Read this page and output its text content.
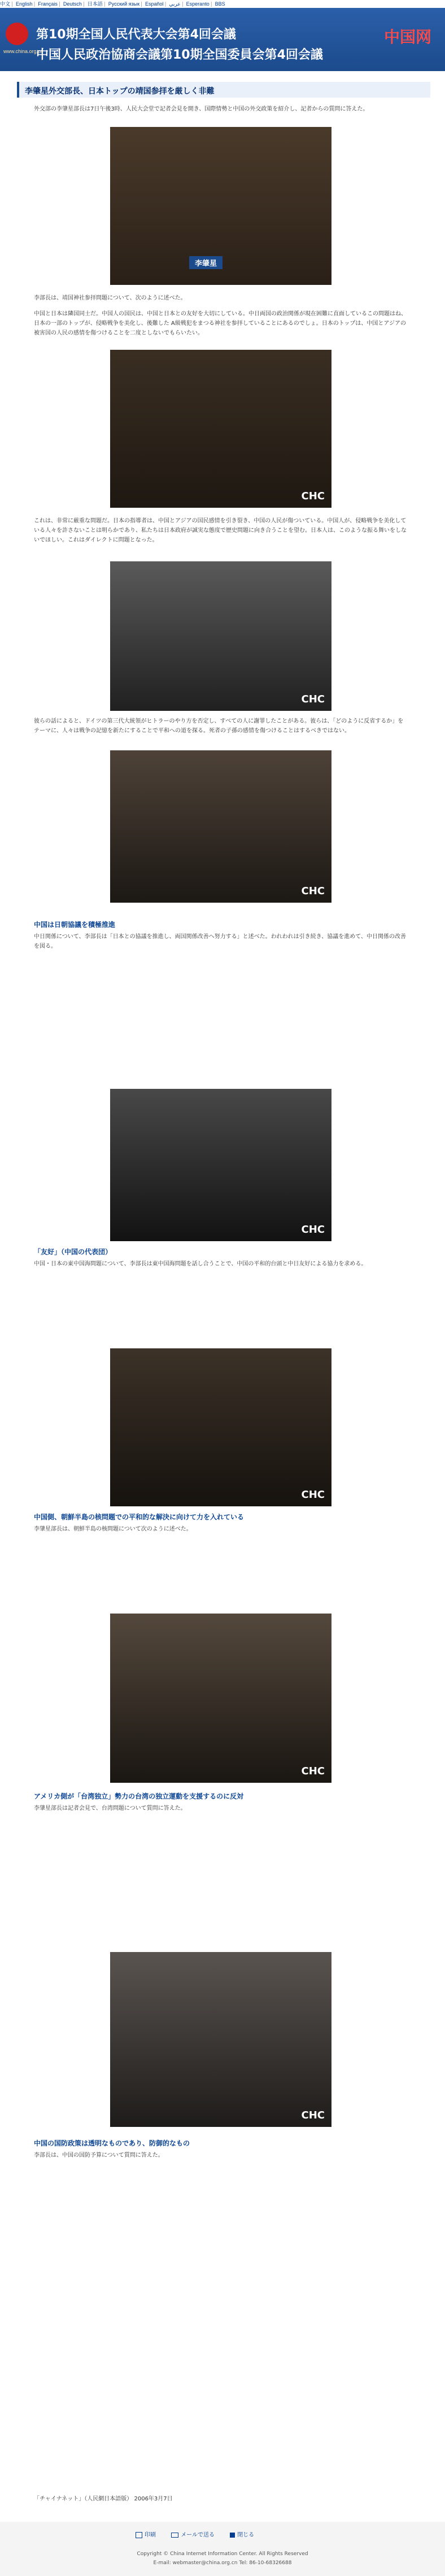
中文 | English | Français | Deutsch | 日本語 | Русский язык | Español | عربي | Esperanto | BBS
www.china.org.cn
第10期全国人民代表大会第4回会議
中国人民政治協商会議第10期全国委員会第4回会議
中国网
李肇星外交部長、日本トップの靖国参拝を厳しく非難
外交部の李肇星部長は7日午後3時、人民大会堂で記者会見を開き、国際情勢と中国の外交政策を紹介し、記者からの質問に答えた。
李肇星
李部長は、靖国神社参拝問題について、次のように述べた。
中国と日本は隣国同士だ。中国人の国民は、中国と日本との友好を大切にしている。中日両国の政治関係が現在困難に直面しているこの問題はね、日本の一部のトップが、侵略戦争を美化し、後難した A級戦犯をまつる神社を参拝していることにあるのでしょ。日本のトップは、中国とアジアの被害国の人民の感情を傷つけることを二度としないでもらいたい。
CHC
これは、非常に厳重な問題だ。日本の指導者は、中国とアジアの国民感情を引き裂き、中国の人民が傷ついている。中国人が、侵略戦争を美化している人々を許さないことは明らかであり、私たちは日本政府が誠実な態度で歴史問題に向き合うことを望む。日本人は、このような振る舞いをしないでほしい。これはダイレクトに問題となった。
CHC
彼らの話によると、ドイツの第三代大統領がヒトラーのやり方を否定し、すべての人に謝罪したことがある。彼らは、「どのように反省するか」をテーマに、人々は戦争の記憶を新たにすることで平和への道を探る。死者の子孫の感情を傷つけることはするべきではない。
CHC
中国は日朝協議を積極推進
中日関係について、李部長は「日本との協議を推進し、両国関係改善へ努力する」と述べた。われわれは引き続き、協議を進めて、中日関係の改善を図る。
CHC
「友好」（中国の代表団）
中国・日本の東中国海問題について、李部長は東中国海問題を話し合うことで、中国の平和的台頭と中日友好による協力を求める。
CHC
中国側、朝鮮半島の核問題での平和的な解決に向けて力を入れている
李肇星部長は、朝鮮半島の核問題について次のように述べた。
CHC
アメリカ側が「台湾独立」勢力の台湾の独立運動を支援するのに反対
李肇星部長は記者会見で、台湾問題について質問に答えた。
CHC
中国の国防政策は透明なものであり、防御的なもの
李部長は、中国の国防予算について質問に答えた。
「チャイナネット」（人民網日本語版） 2006年3月7日
印刷	メールで送る	閉じる
Copyright © China Internet Information Center. All Rights Reserved
E-mail: webmaster@china.org.cn Tel: 86-10-68326688
